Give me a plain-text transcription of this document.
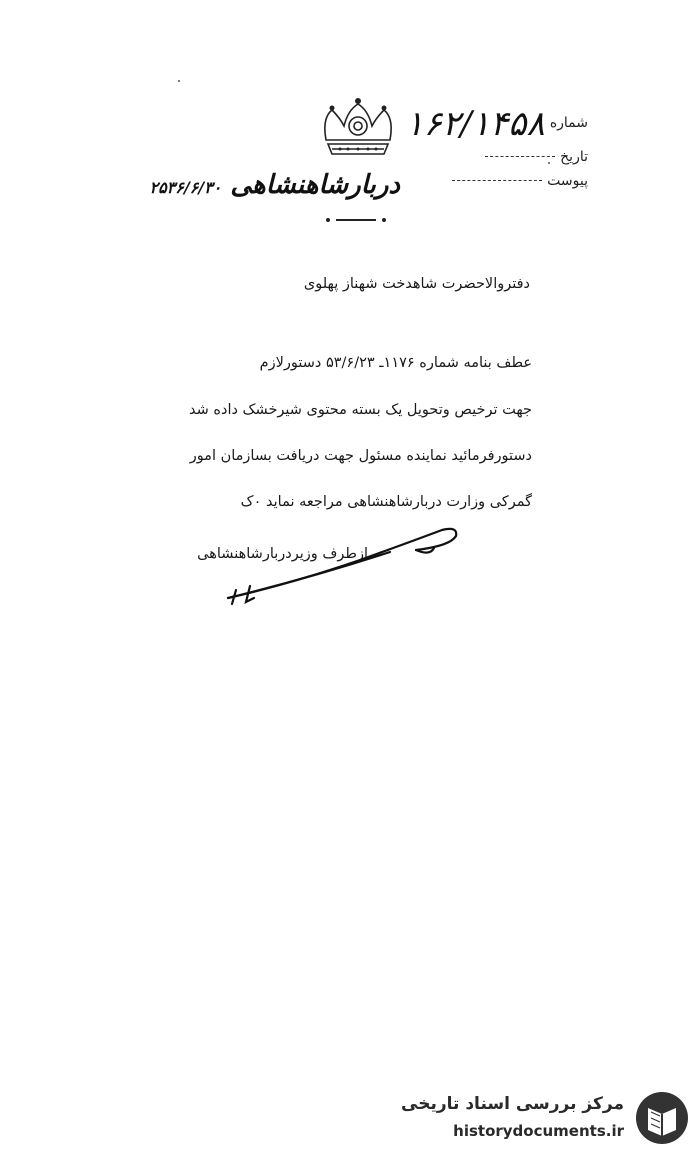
شماره ١۶٢/١۴۵٨
تاریخ
پیوست
دربارشاهنشاهی ٢۵٣۶/۶/٣٠
دفتروالاحضرت شاهدخت شهناز پهلوی
عطف بنامه شماره ١١٧۶ـ ۵٣/۶/٢٣ دستورلازم
جهت ترخیص وتحویل یک بسته محتوی شیرخشک داده شد
دستورفرمائید نماینده مسئول جهت دریافت بسازمان امور
گمرکی وزارت دربارشاهنشاهی مراجعه نماید ٠ک
ازطرف وزیردربارشاهنشاهی
مرکز بررسی اسناد تاریخی
historydocuments.ir
